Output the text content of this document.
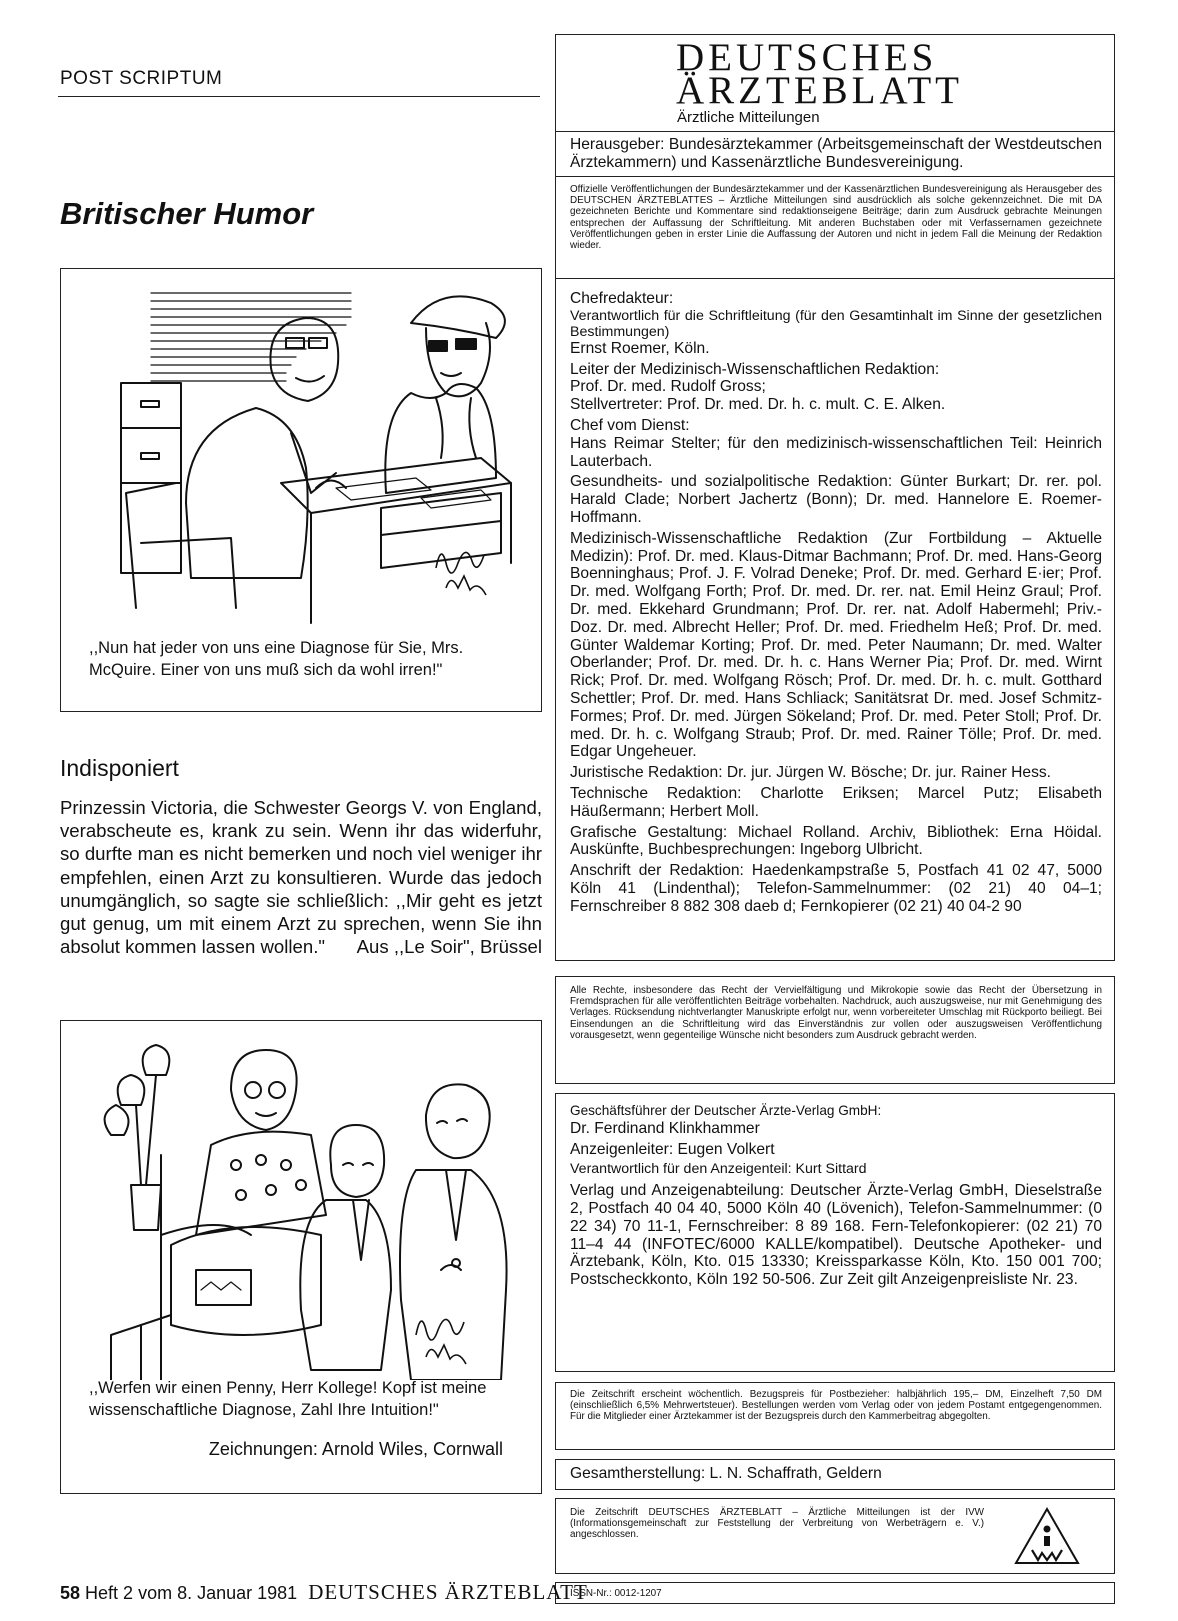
POST SCRIPTUM
Britischer Humor
,,Nun hat jeder von uns eine Diagnose für Sie, Mrs. McQuire. Einer von uns muß sich da wohl irren!"
Indisponiert
Prinzessin Victoria, die Schwester Georgs V. von England, verabscheute es, krank zu sein. Wenn ihr das widerfuhr, so durfte man es nicht bemerken und noch viel weniger ihr empfehlen, einen Arzt zu konsultieren. Wurde das jedoch unumgänglich, so sagte sie schließlich: ,,Mir geht es jetzt gut genug, um mit einem Arzt zu sprechen, wenn Sie ihn absolut kommen lassen wollen."	Aus ,,Le Soir", Brüssel
,,Werfen wir einen Penny, Herr Kollege! Kopf ist meine wissenschaftliche Diagnose, Zahl Ihre Intuition!"
Zeichnungen: Arnold Wiles, Cornwall
DEUTSCHES
ÄRZTEBLATT
Ärztliche Mitteilungen
Herausgeber: Bundesärztekammer (Arbeitsgemeinschaft der Westdeutschen Ärztekammern) und Kassenärztliche Bundesvereinigung.
Offizielle Veröffentlichungen der Bundesärztekammer und der Kassenärztlichen Bundesvereinigung als Herausgeber des DEUTSCHEN ÄRZTEBLATTES – Ärztliche Mitteilungen sind ausdrücklich als solche gekennzeichnet. Die mit DA gezeichneten Berichte und Kommentare sind redaktionseigene Beiträge; darin zum Ausdruck gebrachte Meinungen entsprechen der Auffassung der Schriftleitung. Mit anderen Buchstaben oder mit Verfassernamen gezeichnete Veröffentlichungen geben in erster Linie die Auffassung der Autoren und nicht in jedem Fall die Meinung der Redaktion wieder.
Chefredakteur:
Verantwortlich für die Schriftleitung (für den Gesamtinhalt im Sinne der gesetzlichen Bestimmungen)

Ernst Roemer, Köln.

Leiter der Medizinisch-Wissenschaftlichen Redaktion:
Prof. Dr. med. Rudolf Gross;

Stellvertreter: Prof. Dr. med. Dr. h. c. mult. C. E. Alken.

Chef vom Dienst:

Hans Reimar Stelter; für den medizinisch-wissenschaftlichen Teil: Heinrich Lauterbach.

Gesundheits- und sozialpolitische Redaktion: Günter Burkart; Dr. rer. pol. Harald Clade; Norbert Jachertz (Bonn); Dr. med. Hannelore E. Roemer-Hoffmann.

Medizinisch-Wissenschaftliche Redaktion (Zur Fortbildung – Aktuelle Medizin): Prof. Dr. med. Klaus-Ditmar Bachmann; Prof. Dr. med. Hans-Georg Boenninghaus; Prof. J. F. Volrad Deneke; Prof. Dr. med. Gerhard E·ier; Prof. Dr. med. Wolfgang Forth; Prof. Dr. med. Dr. rer. nat. Emil Heinz Graul; Prof. Dr. med. Ekkehard Grundmann; Prof. Dr. rer. nat. Adolf Habermehl; Priv.-Doz. Dr. med. Albrecht Heller; Prof. Dr. med. Friedhelm Heß; Prof. Dr. med. Günter Waldemar Korting; Prof. Dr. med. Peter Naumann; Dr. med. Walter Oberlander; Prof. Dr. med. Dr. h. c. Hans Werner Pia; Prof. Dr. med. Wirnt Rick; Prof. Dr. med. Wolfgang Rösch; Prof. Dr. med. Dr. h. c. mult. Gotthard Schettler; Prof. Dr. med. Hans Schliack; Sanitätsrat Dr. med. Josef Schmitz-Formes; Prof. Dr. med. Jürgen Sökeland; Prof. Dr. med. Peter Stoll; Prof. Dr. med. Dr. h. c. Wolfgang Straub; Prof. Dr. med. Rainer Tölle; Prof. Dr. med. Edgar Ungeheuer.

Juristische Redaktion: Dr. jur. Jürgen W. Bösche; Dr. jur. Rainer Hess.

Technische Redaktion: Charlotte Eriksen; Marcel Putz; Elisabeth Häußermann; Herbert Moll.

Grafische Gestaltung: Michael Rolland. Archiv, Bibliothek: Erna Höidal. Auskünfte, Buchbesprechungen: Ingeborg Ulbricht.

Anschrift der Redaktion: Haedenkampstraße 5, Postfach 41 02 47, 5000 Köln 41 (Lindenthal); Telefon-Sammelnummer: (02 21) 40 04–1; Fernschreiber 8 882 308 daeb d; Fernkopierer (02 21) 40 04-2 90

Alle Rechte, insbesondere das Recht der Vervielfältigung und Mikrokopie sowie das Recht der Übersetzung in Fremdsprachen für alle veröffentlichten Beiträge vorbehalten. Nachdruck, auch auszugsweise, nur mit Genehmigung des Verlages. Rücksendung nichtverlangter Manuskripte erfolgt nur, wenn vorbereiteter Umschlag mit Rückporto beiliegt. Bei Einsendungen an die Schriftleitung wird das Einverständnis zur vollen oder auszugsweisen Veröffentlichung vorausgesetzt, wenn gegenteilige Wünsche nicht besonders zum Ausdruck gebracht werden.
Geschäftsführer der Deutscher Ärzte-Verlag GmbH:

Dr. Ferdinand Klinkhammer

Anzeigenleiter: Eugen Volkert

Verantwortlich für den Anzeigenteil: Kurt Sittard

Verlag und Anzeigenabteilung: Deutscher Ärzte-Verlag GmbH, Dieselstraße 2, Postfach 40 04 40, 5000 Köln 40 (Lövenich), Telefon-Sammelnummer: (0 22 34) 70 11-1, Fernschreiber: 8 89 168. Fern-Telefonkopierer: (02 21) 70 11–4 44 (INFOTEC/6000 KALLE/kompatibel). Deutsche Apotheker- und Ärztebank, Köln, Kto. 015 13330; Kreissparkasse Köln, Kto. 150 001 700; Postscheckkonto, Köln 192 50-506. Zur Zeit gilt Anzeigenpreisliste Nr. 23.

Die Zeitschrift erscheint wöchentlich. Bezugspreis für Postbezieher: halbjährlich 195,– DM, Einzelheft 7,50 DM (einschließlich 6,5% Mehrwertsteuer). Bestellungen werden vom Verlag oder von jedem Postamt entgegengenommen. Für die Mitglieder einer Ärztekammer ist der Bezugspreis durch den Kammerbeitrag abgegolten.
Gesamtherstellung: L. N. Schaffrath, Geldern
Die Zeitschrift DEUTSCHES ÄRZTEBLATT – Ärztliche Mitteilungen ist der IVW (Informationsgemeinschaft zur Feststellung der Verbreitung von Werbeträgern e. V.) angeschlossen.
ISSN-Nr.: 0012-1207
58 Heft 2 vom 8. Januar 1981 DEUTSCHES ÄRZTEBLATT
